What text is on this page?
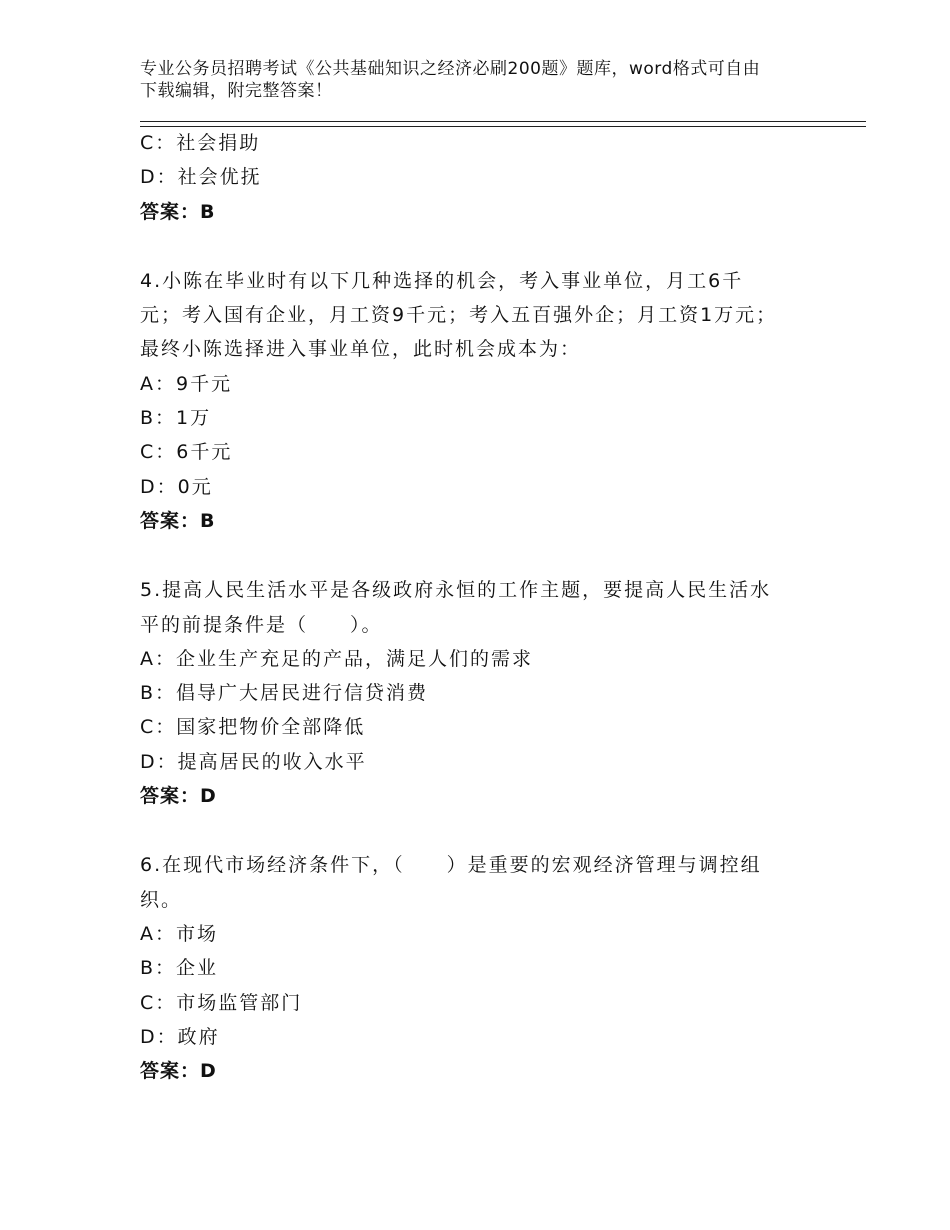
专业公务员招聘考试《公共基础知识之经济必刷200题》题库，word格式可自由
下载编辑，附完整答案！
C：社会捐助
D：社会优抚
答案：B
4.小陈在毕业时有以下几种选择的机会，考入事业单位，月工6千
元；考入国有企业，月工资9千元；考入五百强外企；月工资1万元；
最终小陈选择进入事业单位，此时机会成本为：
A：9千元
B：1万
C：6千元
D：0元
答案：B
5.提高人民生活水平是各级政府永恒的工作主题，要提高人民生活水
平的前提条件是（　　）。
A：企业生产充足的产品，满足人们的需求
B：倡导广大居民进行信贷消费
C：国家把物价全部降低
D：提高居民的收入水平
答案：D
6.在现代市场经济条件下，（　　）是重要的宏观经济管理与调控组
织。
A：市场
B：企业
C：市场监管部门
D：政府
答案：D
